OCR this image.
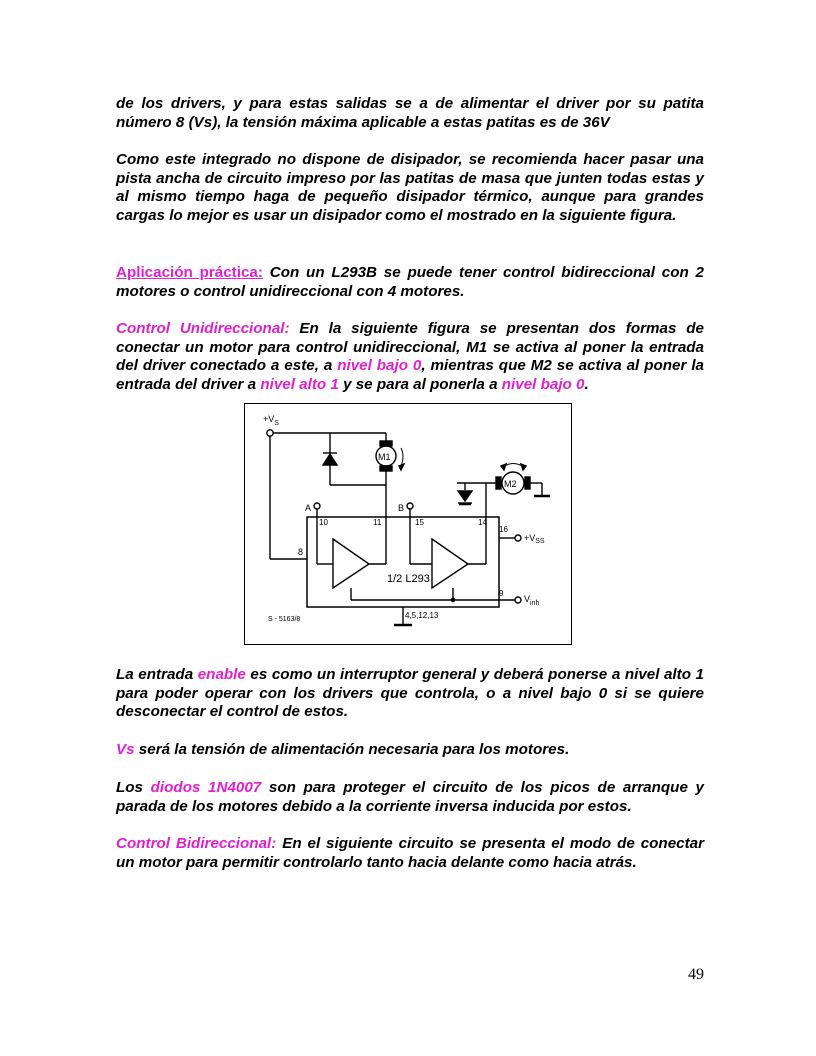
de los drivers, y para estas salidas se a de alimentar el driver por su patita número 8 (Vs), la tensión máxima aplicable a estas patitas es de 36V

Como este integrado no dispone de disipador, se recomienda hacer pasar una pista ancha de circuito impreso por las patitas de masa que junten todas estas y al mismo tiempo haga de pequeño disipador térmico, aunque para grandes cargas lo mejor es usar un disipador como el mostrado en la siguiente figura.

Aplicación práctica: Con un L293B se puede tener control bidireccional con 2 motores o control unidireccional con 4 motores.

Control Unidireccional: En la siguiente figura se presentan dos formas de conectar un motor para control unidireccional, M1 se activa al poner la entrada del driver conectado a este, a nivel bajo 0, mientras que M2 se activa al poner la entrada del driver a nivel alto 1 y se para al ponerla a nivel bajo 0.

$+V_S$
8
M1
A
10	11	15	14
B
M2
16
$+V_{SS}$
9
$V_{inh}$
4,5,12,13
1/2 L293
S - 5163/8

La entrada enable es como un interruptor general y deberá ponerse a nivel alto 1 para poder operar con los drivers que controla, o a nivel bajo 0 si se quiere desconectar el control de estos.

Vs será la tensión de alimentación necesaria para los motores.

Los diodos 1N4007 son para proteger el circuito de los picos de arranque y parada de los motores debido a la corriente inversa inducida por estos.

Control Bidireccional: En el siguiente circuito se presenta el modo de conectar un motor para permitir controlarlo tanto hacia delante como hacia atrás.

49
